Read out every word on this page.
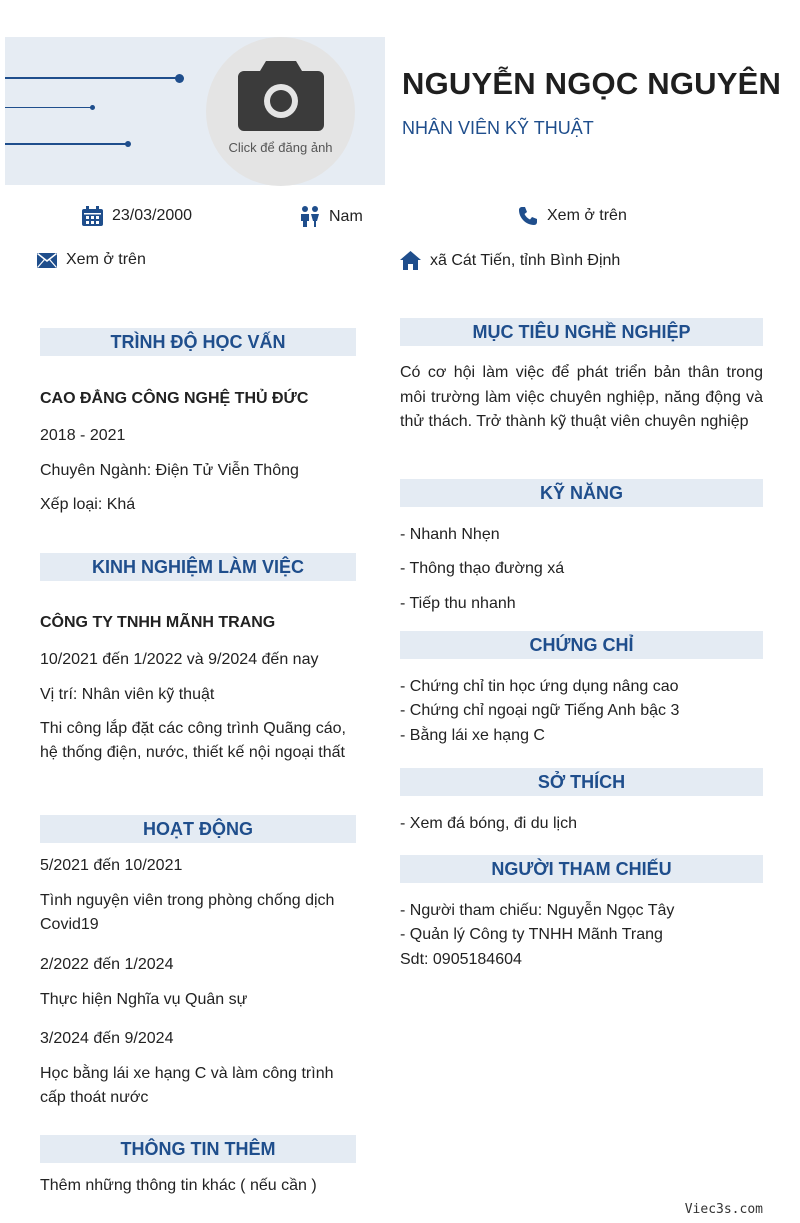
Click để đăng ảnh
NGUYỄN NGỌC NGUYÊN
NHÂN VIÊN KỸ THUẬT
23/03/2000	Nam	Xem ở trên
Xem ở trên	xã Cát Tiến, tỉnh Bình Định
TRÌNH ĐỘ HỌC VẤN
CAO ĐẲNG CÔNG NGHỆ THỦ ĐỨC
2018 - 2021
Chuyên Ngành: Điện Tử Viễn Thông
Xếp loại: Khá
KINH NGHIỆM LÀM VIỆC
CÔNG TY TNHH MÃNH TRANG
10/2021 đến 1/2022 và 9/2024 đến nay
Vị trí: Nhân viên kỹ thuật
Thi công lắp đặt các công trình Quãng cáo, hệ thống điện, nước, thiết kế nội ngoại thất
HOẠT ĐỘNG
5/2021 đến 10/2021
Tình nguyện viên trong phòng chống dịch Covid19
2/2022 đến 1/2024
Thực hiện Nghĩa vụ Quân sự
3/2024 đến 9/2024
Học bằng lái xe hạng C và làm công trình cấp thoát nước
THÔNG TIN THÊM
Thêm những thông tin khác ( nếu cần )
MỤC TIÊU NGHỀ NGHIỆP
Có cơ hội làm việc để phát triển bản thân trong môi trường làm việc chuyên nghiệp, năng động và thử thách. Trở thành kỹ thuật viên chuyên nghiệp
KỸ NĂNG
- Nhanh Nhẹn
- Thông thạo đường xá
- Tiếp thu nhanh
CHỨNG CHỈ
- Chứng chỉ tin học ứng dụng nâng cao
- Chứng chỉ ngoại ngữ Tiếng Anh bậc 3
- Bằng lái xe hạng C
SỞ THÍCH
- Xem đá bóng, đi du lịch
NGƯỜI THAM CHIẾU
- Người tham chiếu: Nguyễn Ngọc Tây
- Quản lý Công ty TNHH Mãnh Trang
Sdt: 0905184604
Viec3s.com
